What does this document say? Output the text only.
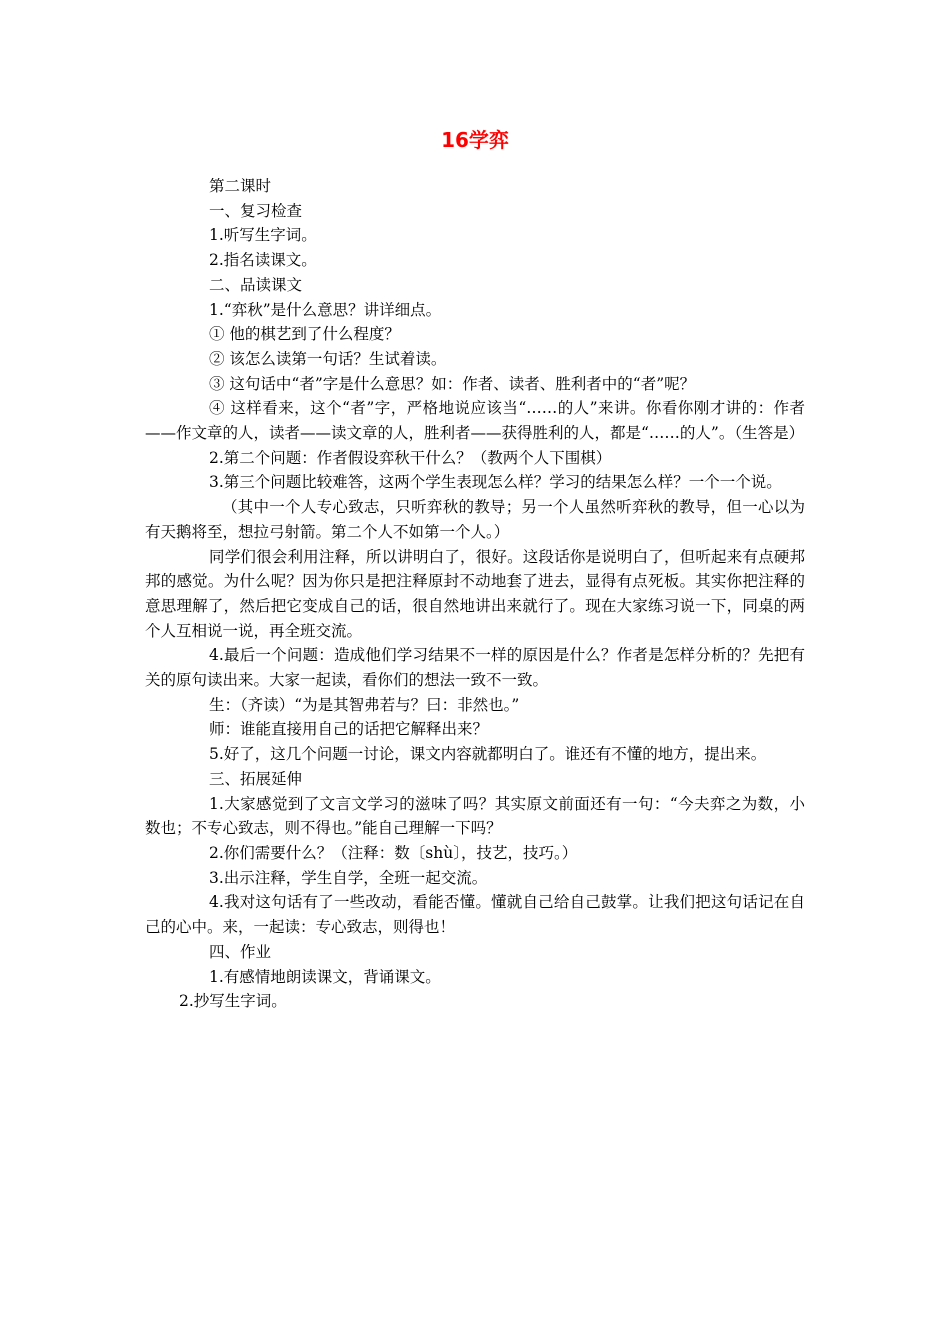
16学弈

第二课时

一、复习检查

1.听写生字词。

2.指名读课文。

二、品读课文

1.“弈秋”是什么意思？讲详细点。

① 他的棋艺到了什么程度？

② 该怎么读第一句话？生试着读。

③ 这句话中“者”字是什么意思？如：作者、读者、胜利者中的“者”呢？

④ 这样看来，这个“者”字，严格地说应该当“……的人”来讲。你看你刚才讲的：作者——作文章的人，读者——读文章的人，胜利者——获得胜利的人，都是“……的人”。（生答是）

2.第二个问题：作者假设弈秋干什么？（教两个人下围棋）

3.第三个问题比较难答，这两个学生表现怎么样？学习的结果怎么样？一个一个说。

（其中一个人专心致志，只听弈秋的教导；另一个人虽然听弈秋的教导，但一心以为有天鹅将至，想拉弓射箭。第二个人不如第一个人。）

同学们很会利用注释，所以讲明白了，很好。这段话你是说明白了，但听起来有点硬邦邦的感觉。为什么呢？因为你只是把注释原封不动地套了进去，显得有点死板。其实你把注释的意思理解了，然后把它变成自己的话，很自然地讲出来就行了。现在大家练习说一下，同桌的两个人互相说一说，再全班交流。

4.最后一个问题：造成他们学习结果不一样的原因是什么？作者是怎样分析的？先把有关的原句读出来。大家一起读，看你们的想法一致不一致。

生：（齐读）“为是其智弗若与？曰：非然也。”

师：谁能直接用自己的话把它解释出来？

5.好了，这几个问题一讨论，课文内容就都明白了。谁还有不懂的地方，提出来。

三、拓展延伸

1.大家感觉到了文言文学习的滋味了吗？其实原文前面还有一句：“今夫弈之为数，小数也；不专心致志，则不得也。”能自己理解一下吗？

2.你们需要什么？（注释：数〔shù〕，技艺，技巧。）

3.出示注释，学生自学，全班一起交流。

4.我对这句话有了一些改动，看能否懂。懂就自己给自己鼓掌。让我们把这句话记在自己的心中。来，一起读：专心致志，则得也！

四、作业

1.有感情地朗读课文，背诵课文。

2.抄写生字词。
